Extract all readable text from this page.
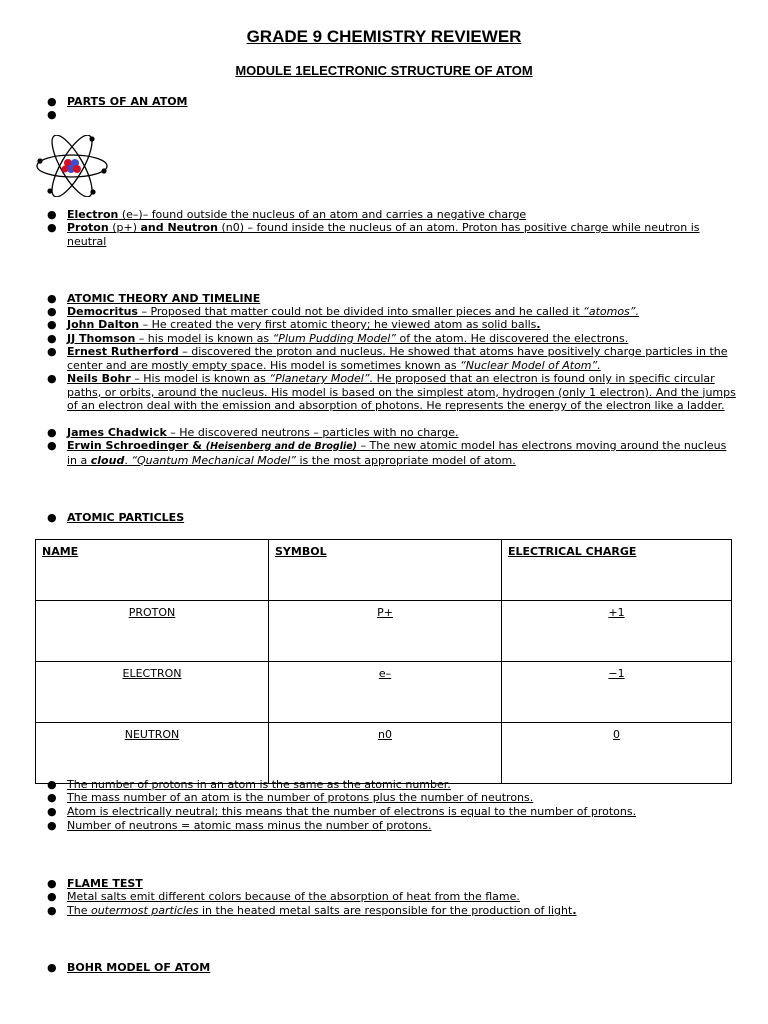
GRADE 9 CHEMISTRY REVIEWER
MODULE 1ELECTRONIC STRUCTURE OF ATOM
● PARTS OF AN ATOM
●
● Electron (e–)– found outside the nucleus of an atom and carries a negative charge
● Proton (p+) and Neutron (n0) – found inside the nucleus of an atom. Proton has positive charge while neutron is neutral
● ATOMIC THEORY AND TIMELINE
● Democritus – Proposed that matter could not be divided into smaller pieces and he called it “atomos”.
● John Dalton – He created the very first atomic theory; he viewed atom as solid balls.
● JJ Thomson – his model is known as “Plum Pudding Model” of the atom. He discovered the electrons.
● Ernest Rutherford – discovered the proton and nucleus. He showed that atoms have positively charge particles in the center and are mostly empty space. His model is sometimes known as “Nuclear Model of Atom”.
● Neils Bohr – His model is known as “Planetary Model”. He proposed that an electron is found only in specific circular paths, or orbits, around the nucleus. His model is based on the simplest atom, hydrogen (only 1 electron). And the jumps of an electron deal with the emission and absorption of photons. He represents the energy of the electron like a ladder.
● James Chadwick – He discovered neutrons – particles with no charge.
● Erwin Schroedinger & (Heisenberg and de Broglie) – The new atomic model has electrons moving around the nucleus in a cloud. “Quantum Mechanical Model” is the most appropriate model of atom.
● ATOMIC PARTICLES
NAME	SYMBOL	ELECTRICAL CHARGE
PROTON	P+	+1
ELECTRON	e–	−1
NEUTRON	n0	0
● The number of protons in an atom is the same as the atomic number.
● The mass number of an atom is the number of protons plus the number of neutrons.
● Atom is electrically neutral; this means that the number of electrons is equal to the number of protons.
● Number of neutrons = atomic mass minus the number of protons.
● FLAME TEST
● Metal salts emit different colors because of the absorption of heat from the flame.
● The outermost particles in the heated metal salts are responsible for the production of light.
● BOHR MODEL OF ATOM
